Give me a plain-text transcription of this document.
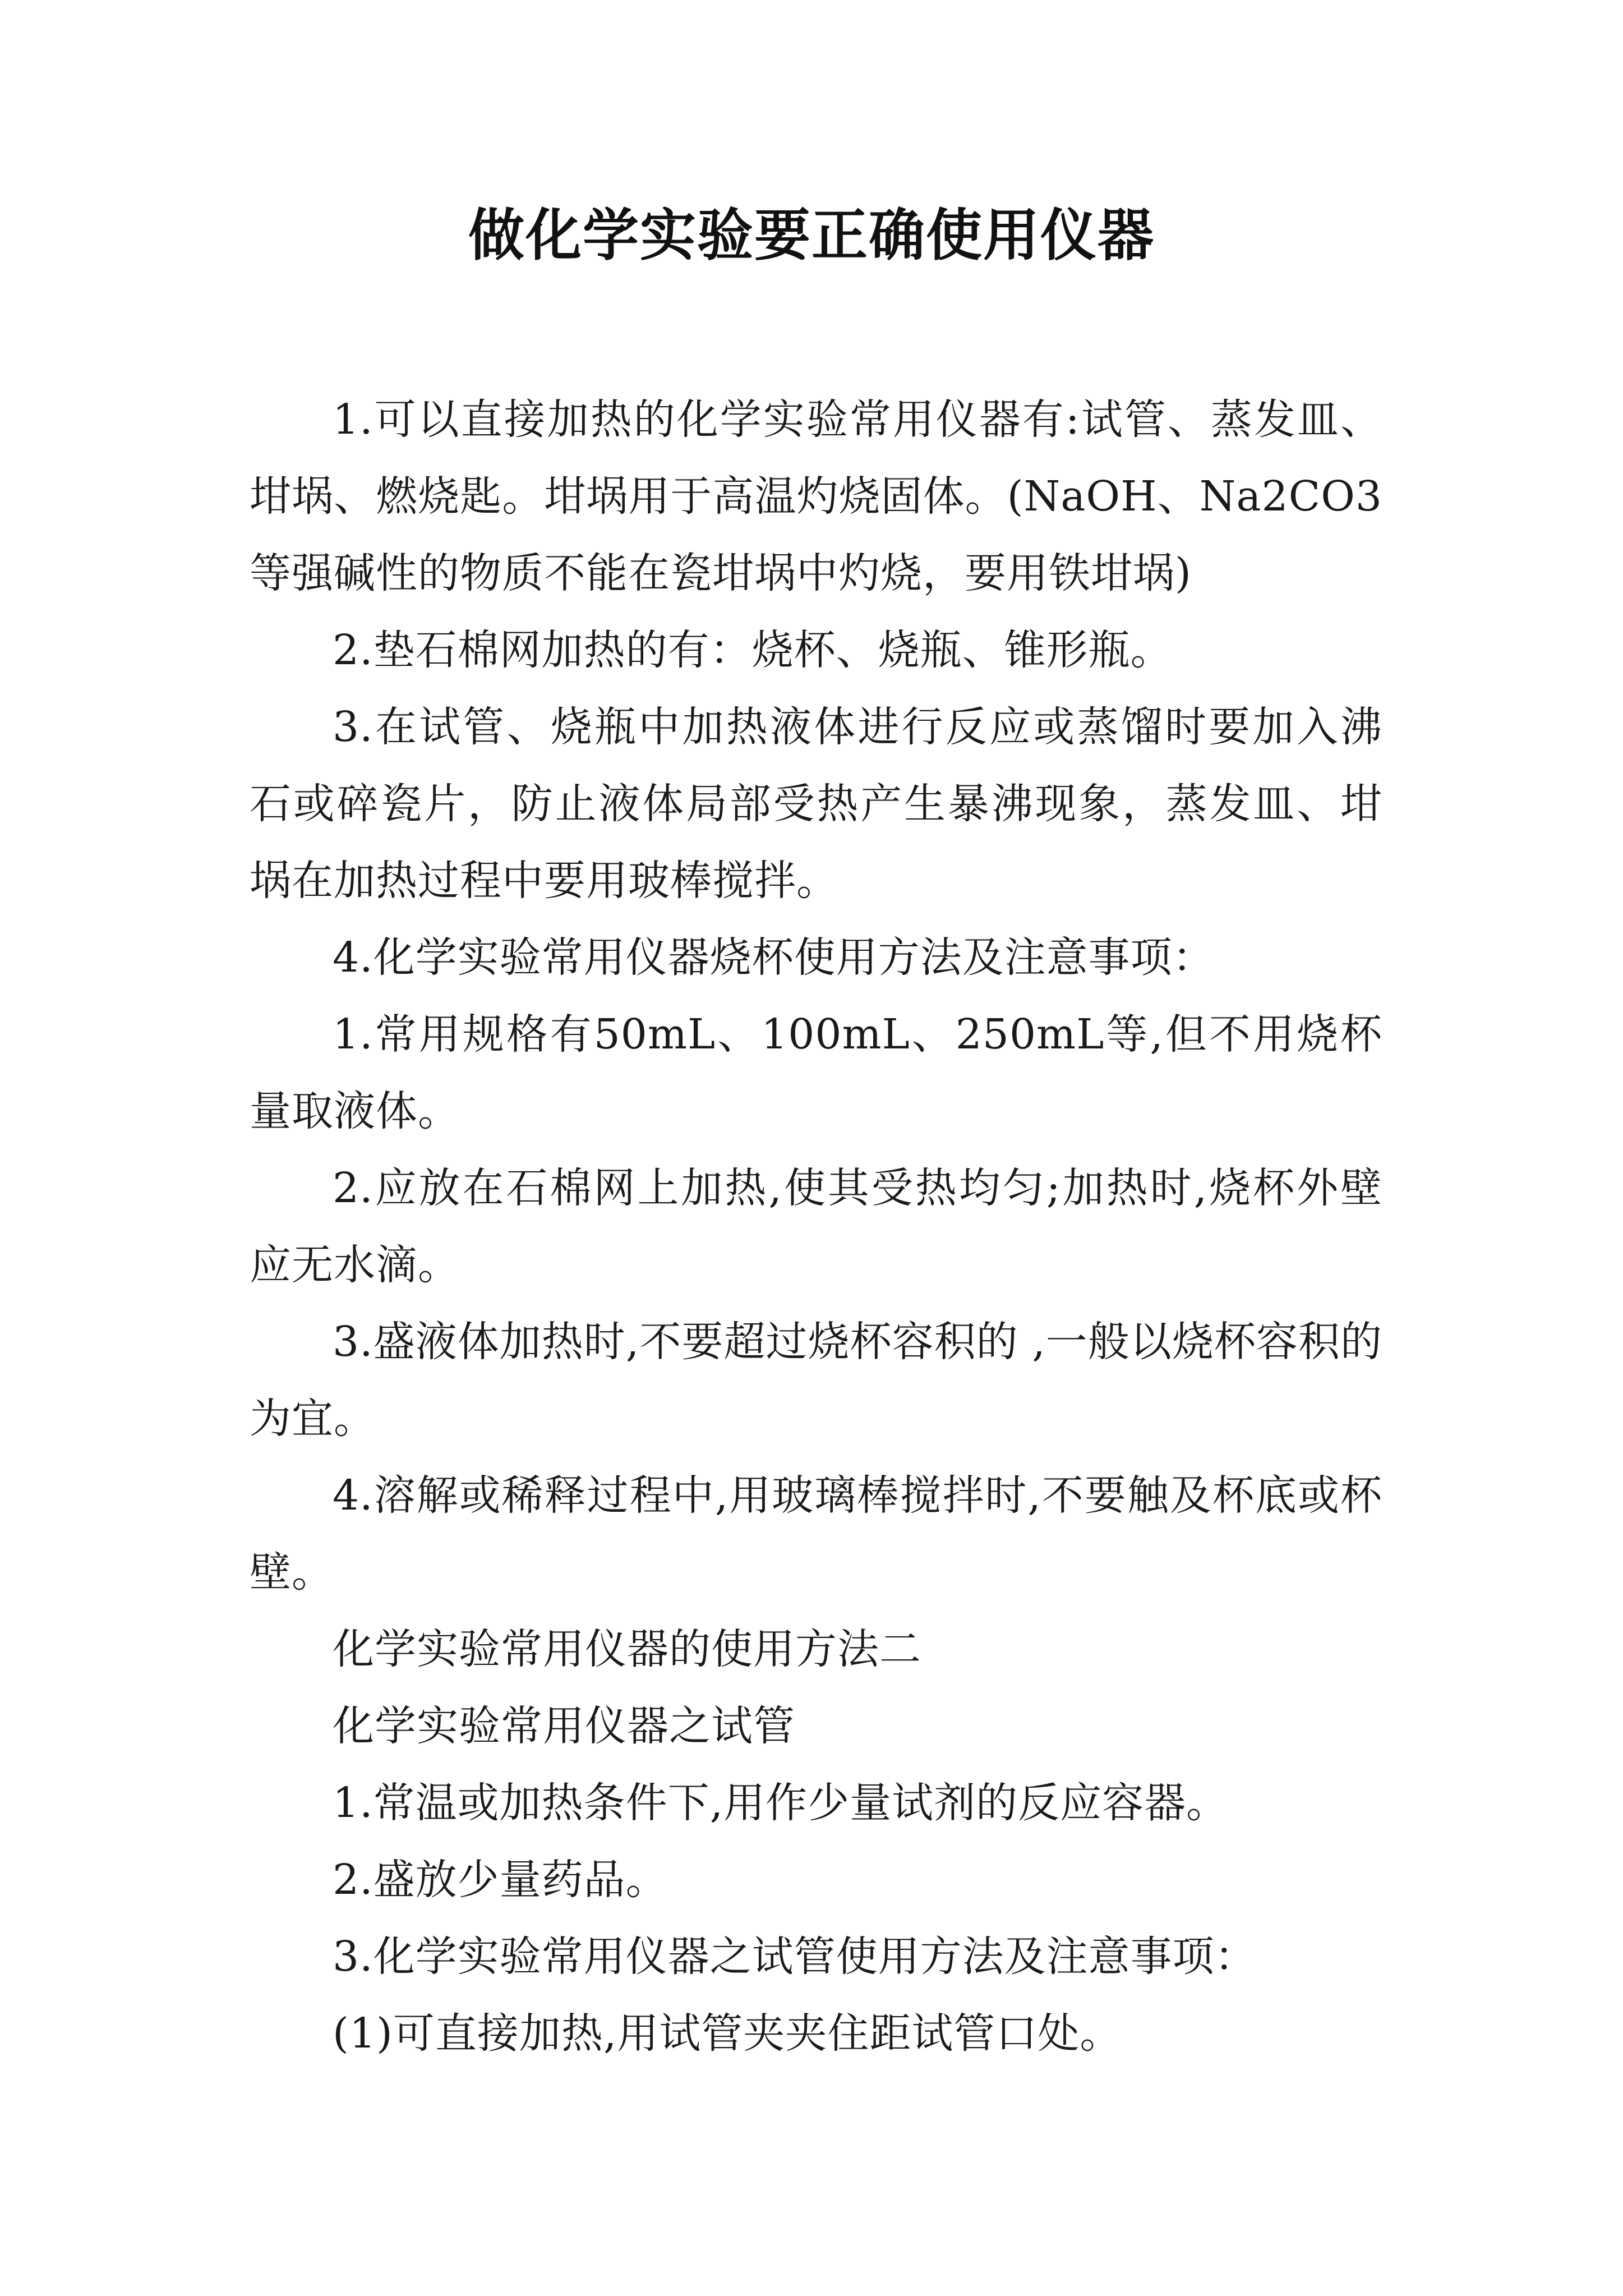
做化学实验要正确使用仪器

1.可以直接加热的化学实验常用仪器有:试管、蒸发皿、坩埚、燃烧匙。坩埚用于高温灼烧固体。(NaOH、Na2CO3等强碱性的物质不能在瓷坩埚中灼烧，要用铁坩埚)

2.垫石棉网加热的有：烧杯、烧瓶、锥形瓶。

3.在试管、烧瓶中加热液体进行反应或蒸馏时要加入沸石或碎瓷片，防止液体局部受热产生暴沸现象，蒸发皿、坩埚在加热过程中要用玻棒搅拌。

4.化学实验常用仪器烧杯使用方法及注意事项：

1.常用规格有50mL、100mL、250mL等,但不用烧杯量取液体。

2.应放在石棉网上加热,使其受热均匀;加热时,烧杯外壁应无水滴。

3.盛液体加热时,不要超过烧杯容积的 ,一般以烧杯容积的 为宜。

4.溶解或稀释过程中,用玻璃棒搅拌时,不要触及杯底或杯壁。

化学实验常用仪器的使用方法二

化学实验常用仪器之试管

1.常温或加热条件下,用作少量试剂的反应容器。

2.盛放少量药品。

3.化学实验常用仪器之试管使用方法及注意事项：

(1)可直接加热,用试管夹夹住距试管口处。
